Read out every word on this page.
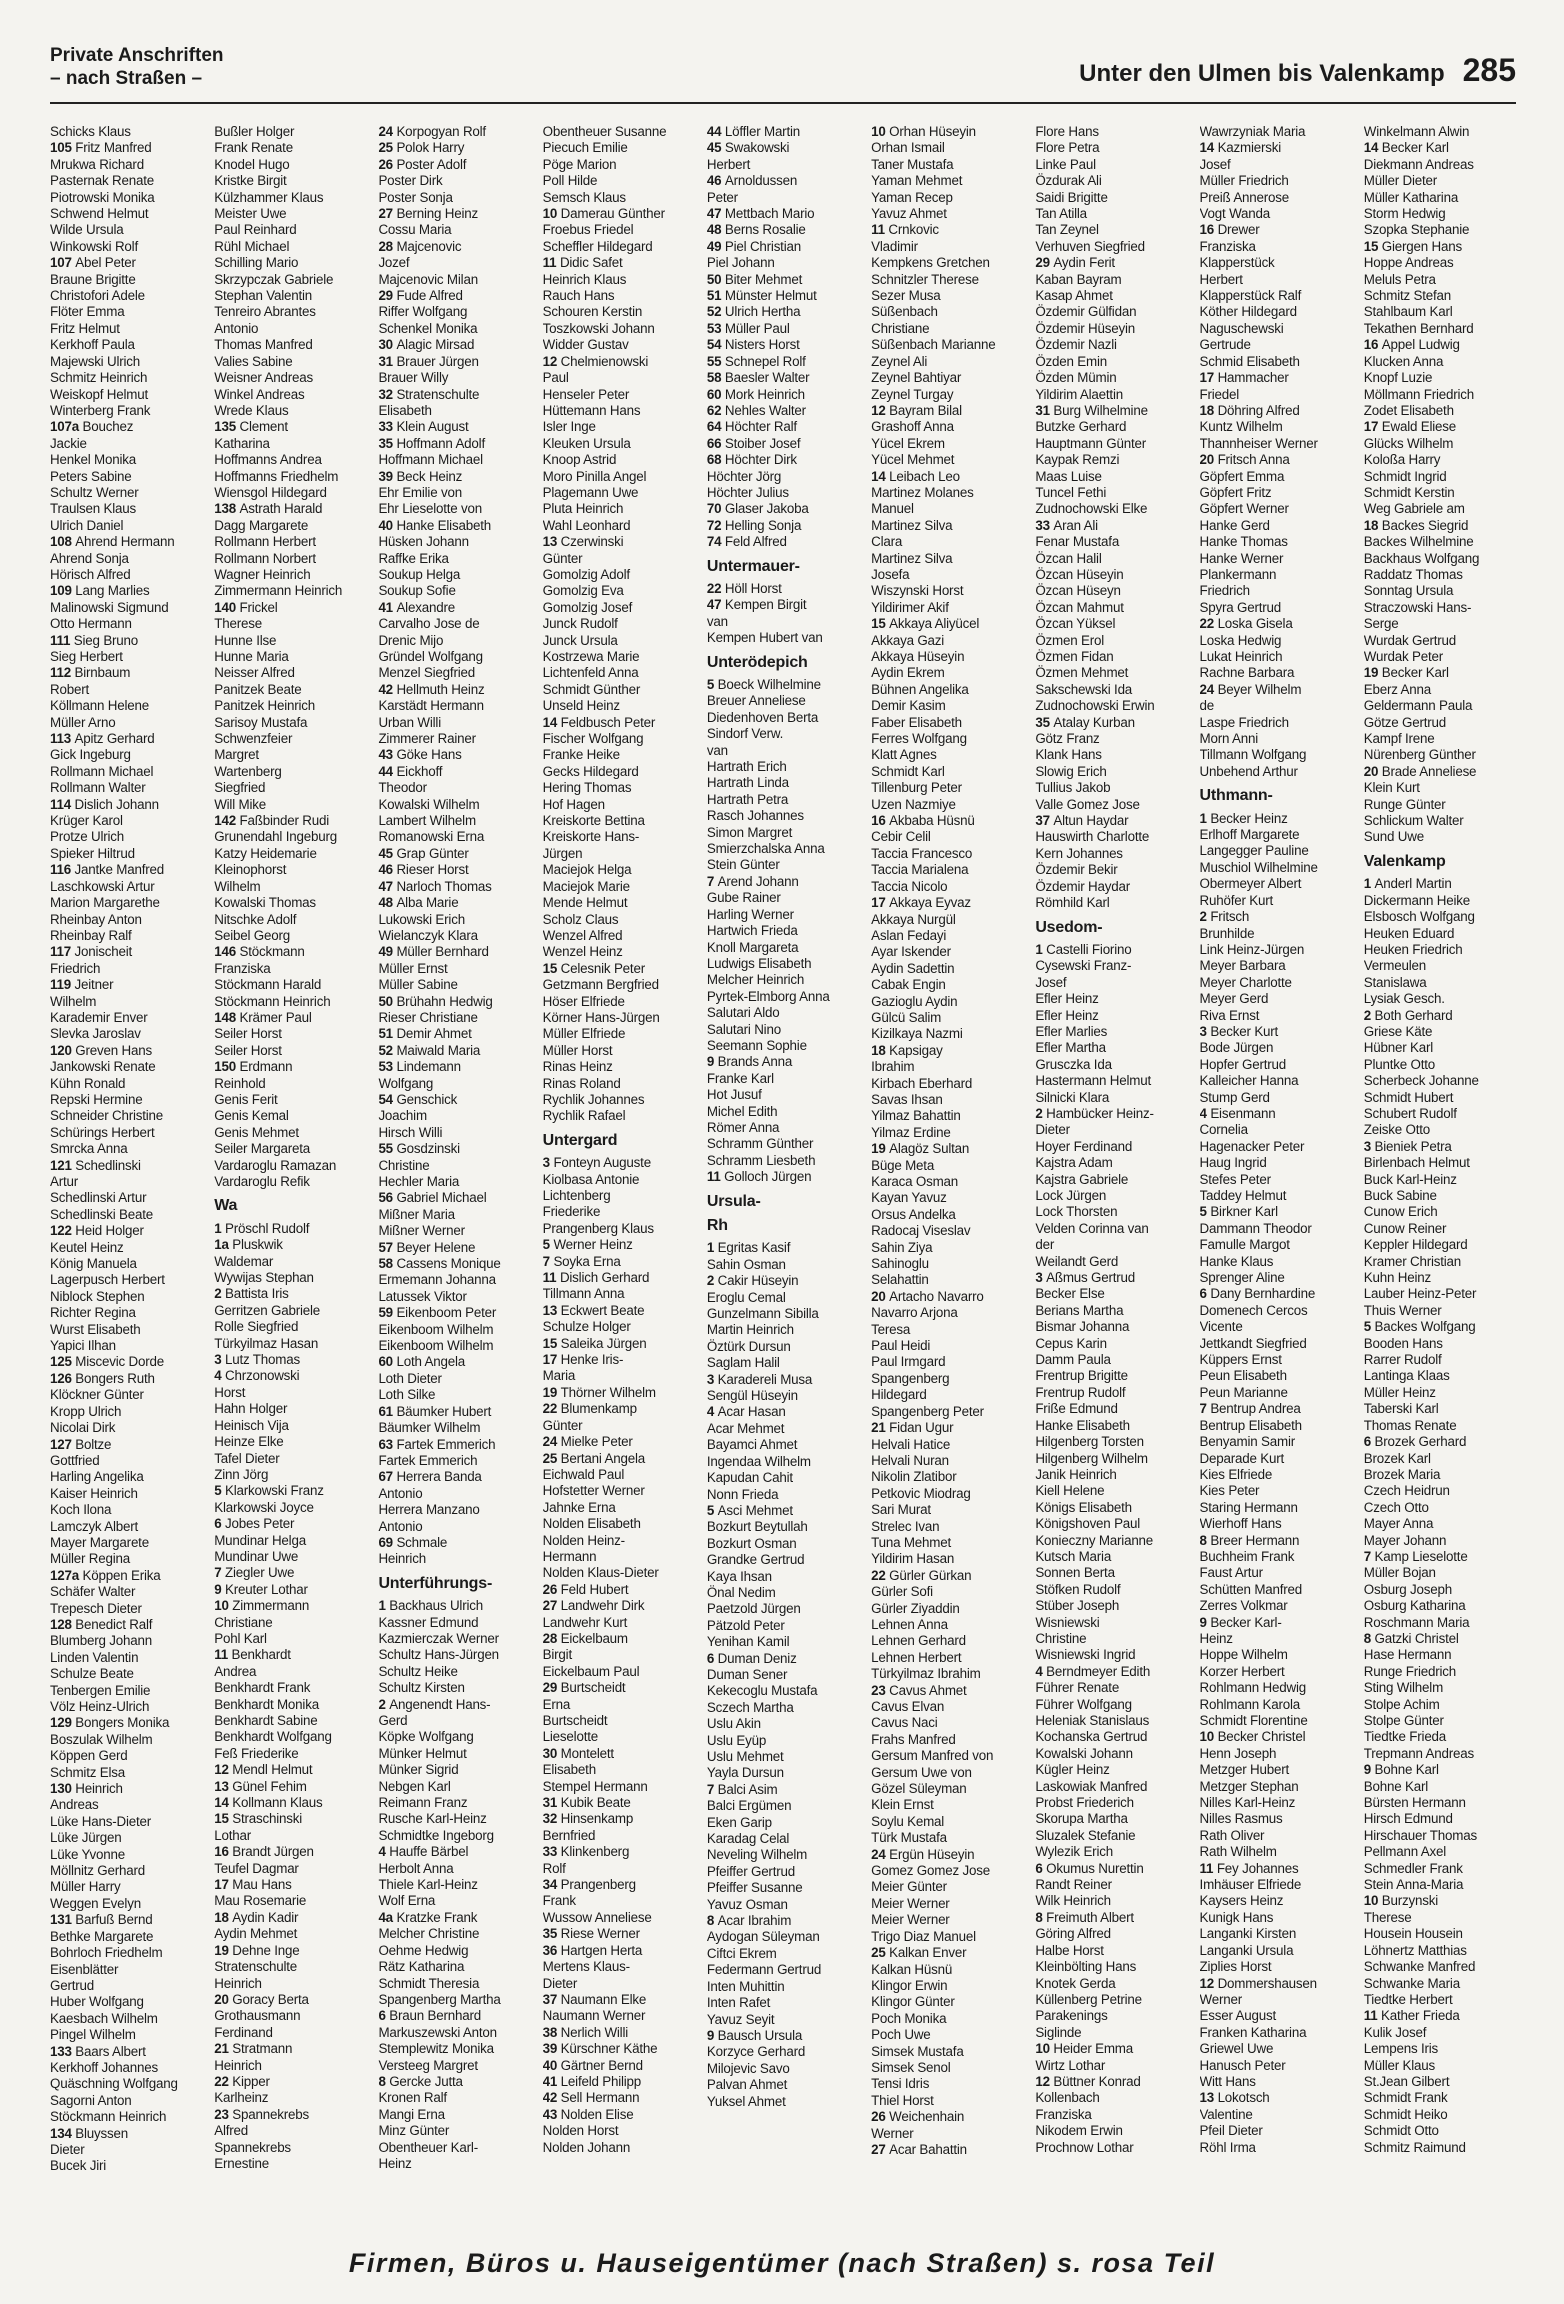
Private Anschriften
– nach Straßen –	Unter den Ulmen bis Valenkamp 285
Schicks Klaus
105 Fritz Manfred
Mrukwa Richard
Pasternak Renate
Piotrowski Monika
Schwend Helmut
Wilde Ursula
Winkowski Rolf
107 Abel Peter
Braune Brigitte
Christofori Adele
Flöter Emma
Fritz Helmut
Kerkhoff Paula
Majewski Ulrich
Schmitz Heinrich
Weiskopf Helmut
Winterberg Frank
107a Bouchez
Jackie
Henkel Monika
Peters Sabine
Schultz Werner
Traulsen Klaus
Ulrich Daniel
108 Ahrend Hermann
Ahrend Sonja
Hörisch Alfred
109 Lang Marlies
Malinowski Sigmund
Otto Hermann
111 Sieg Bruno
Sieg Herbert
112 Birnbaum
Robert
Köllmann Helene
Müller Arno
113 Apitz Gerhard
Gick Ingeburg
Rollmann Michael
Rollmann Walter
114 Dislich Johann
Krüger Karol
Protze Ulrich
Spieker Hiltrud
116 Jantke Manfred
Laschkowski Artur
Marion Margarethe
Rheinbay Anton
Rheinbay Ralf
117 Jonischeit
Friedrich
119 Jeitner
Wilhelm
Karademir Enver
Slevka Jaroslav
120 Greven Hans
Jankowski Renate
Kühn Ronald
Repski Hermine
Schneider Christine
Schürings Herbert
Smrcka Anna
121 Schedlinski
Artur
Schedlinski Artur
Schedlinski Beate
122 Heid Holger
Keutel Heinz
König Manuela
Lagerpusch Herbert
Niblock Stephen
Richter Regina
Wurst Elisabeth
Yapici Ilhan
125 Miscevic Dorde
126 Bongers Ruth
Klöckner Günter
Kropp Ulrich
Nicolai Dirk
127 Boltze
Gottfried
Harling Angelika
Kaiser Heinrich
Koch Ilona
Lamczyk Albert
Mayer Margarete
Müller Regina
127a Köppen Erika
Schäfer Walter
Trepesch Dieter
128 Benedict Ralf
Blumberg Johann
Linden Valentin
Schulze Beate
Tenbergen Emilie
Völz Heinz-Ulrich
129 Bongers Monika
Boszulak Wilhelm
Köppen Gerd
Schmitz Elsa
130 Heinrich
Andreas
Lüke Hans-Dieter
Lüke Jürgen
Lüke Yvonne
Möllnitz Gerhard
Müller Harry
Weggen Evelyn
131 Barfuß Bernd
Bethke Margarete
Bohrloch Friedhelm
Eisenblätter
Gertrud
Huber Wolfgang
Kaesbach Wilhelm
Pingel Wilhelm
133 Baars Albert
Kerkhoff Johannes
Quäschning Wolfgang
Sagorni Anton
Stöckmann Heinrich
134 Bluyssen
Dieter
Bucek Jiri
Bußler Holger
Frank Renate
Knodel Hugo
Kristke Birgit
Külzhammer Klaus
Meister Uwe
Paul Reinhard
Rühl Michael
Schilling Mario
Skrzypczak Gabriele
Stephan Valentin
Tenreiro Abrantes
Antonio
Thomas Manfred
Valies Sabine
Weisner Andreas
Winkel Andreas
Wrede Klaus
135 Clement
Katharina
Hoffmanns Andrea
Hoffmanns Friedhelm
Wiensgol Hildegard
138 Astrath Harald
Dagg Margarete
Rollmann Herbert
Rollmann Norbert
Wagner Heinrich
Zimmermann Heinrich
140 Frickel
Therese
Hunne Ilse
Hunne Maria
Neisser Alfred
Panitzek Beate
Panitzek Heinrich
Sarisoy Mustafa
Schwenzfeier
Margret
Wartenberg
Siegfried
Will Mike
142 Faßbinder Rudi
Grunendahl Ingeburg
Katzy Heidemarie
Kleinophorst
Wilhelm
Kowalski Thomas
Nitschke Adolf
Seibel Georg
146 Stöckmann
Franziska
Stöckmann Harald
Stöckmann Heinrich
148 Krämer Paul
Seiler Horst
Seiler Horst
150 Erdmann
Reinhold
Genis Ferit
Genis Kemal
Genis Mehmet
Seiler Margareta
Vardaroglu Ramazan
Vardaroglu Refik
Wa
1 Pröschl Rudolf
1a Pluskwik
Waldemar
Wywijas Stephan
2 Battista Iris
Gerritzen Gabriele
Rolle Siegfried
Türkyilmaz Hasan
3 Lutz Thomas
4 Chrzonowski
Horst
Hahn Holger
Heinisch Vija
Heinze Elke
Tafel Dieter
Zinn Jörg
5 Klarkowski Franz
Klarkowski Joyce
6 Jobes Peter
Mundinar Helga
Mundinar Uwe
7 Ziegler Uwe
9 Kreuter Lothar
10 Zimmermann
Christiane
Pohl Karl
11 Benkhardt
Andrea
Benkhardt Frank
Benkhardt Monika
Benkhardt Sabine
Benkhardt Wolfgang
Feß Friederike
12 Mendl Helmut
13 Günel Fehim
14 Kollmann Klaus
15 Straschinski
Lothar
16 Brandt Jürgen
Teufel Dagmar
17 Mau Hans
Mau Rosemarie
18 Aydin Kadir
Aydin Mehmet
19 Dehne Inge
Stratenschulte
Heinrich
20 Goracy Berta
Grothausmann
Ferdinand
21 Stratmann
Heinrich
22 Kipper
Karlheinz
23 Spannekrebs
Alfred
Spannekrebs
Ernestine
24 Korpogyan Rolf
25 Polok Harry
26 Poster Adolf
Poster Dirk
Poster Sonja
27 Berning Heinz
Cossu Maria
28 Majcenovic
Jozef
Majcenovic Milan
29 Fude Alfred
Riffer Wolfgang
Schenkel Monika
30 Alagic Mirsad
31 Brauer Jürgen
Brauer Willy
32 Stratenschulte
Elisabeth
33 Klein August
35 Hoffmann Adolf
Hoffmann Michael
39 Beck Heinz
Ehr Emilie von
Ehr Lieselotte von
40 Hanke Elisabeth
Hüsken Johann
Raffke Erika
Soukup Helga
Soukup Sofie
41 Alexandre
Carvalho Jose de
Drenic Mijo
Gründel Wolfgang
Menzel Siegfried
42 Hellmuth Heinz
Karstädt Hermann
Urban Willi
Zimmerer Rainer
43 Göke Hans
44 Eickhoff
Theodor
Kowalski Wilhelm
Lambert Wilhelm
Romanowski Erna
45 Grap Günter
46 Rieser Horst
47 Narloch Thomas
48 Alba Marie
Lukowski Erich
Wielanczyk Klara
49 Müller Bernhard
Müller Ernst
Müller Sabine
50 Brühahn Hedwig
Rieser Christiane
51 Demir Ahmet
52 Maiwald Maria
53 Lindemann
Wolfgang
54 Genschick
Joachim
Hirsch Willi
55 Gosdzinski
Christine
Hechler Maria
56 Gabriel Michael
Mißner Maria
Mißner Werner
57 Beyer Helene
58 Cassens Monique
Ermemann Johanna
Latussek Viktor
59 Eikenboom Peter
Eikenboom Wilhelm
Eikenboom Wilhelm
60 Loth Angela
Loth Dieter
Loth Silke
61 Bäumker Hubert
Bäumker Wilhelm
63 Fartek Emmerich
Fartek Emmerich
67 Herrera Banda
Antonio
Herrera Manzano
Antonio
69 Schmale
Heinrich
Unterführungs-
1 Backhaus Ulrich
Kassner Edmund
Kazmierczak Werner
Schultz Hans-Jürgen
Schultz Heike
Schultz Kirsten
2 Angenendt Hans-
Gerd
Köpke Wolfgang
Münker Helmut
Münker Sigrid
Nebgen Karl
Reimann Franz
Rusche Karl-Heinz
Schmidtke Ingeborg
4 Hauffe Bärbel
Herbolt Anna
Thiele Karl-Heinz
Wolf Erna
4a Kratzke Frank
Melcher Christine
Oehme Hedwig
Rätz Katharina
Schmidt Theresia
Spangenberg Martha
6 Braun Bernhard
Markuszewski Anton
Stemplewitz Monika
Versteeg Margret
8 Gercke Jutta
Kronen Ralf
Mangi Erna
Minz Günter
Obentheuer Karl-
Heinz
Obentheuer Susanne
Piecuch Emilie
Pöge Marion
Poll Hilde
Semsch Klaus
10 Damerau Günther
Froebus Friedel
Scheffler Hildegard
11 Didic Safet
Heinrich Klaus
Rauch Hans
Schouren Kerstin
Toszkowski Johann
Widder Gustav
12 Chelmienowski
Paul
Henseler Peter
Hüttemann Hans
Isler Inge
Kleuken Ursula
Knoop Astrid
Moro Pinilla Angel
Plagemann Uwe
Pluta Heinrich
Wahl Leonhard
13 Czerwinski
Günter
Gomolzig Adolf
Gomolzig Eva
Gomolzig Josef
Junck Rudolf
Junck Ursula
Kostrzewa Marie
Lichtenfeld Anna
Schmidt Günther
Unseld Heinz
14 Feldbusch Peter
Fischer Wolfgang
Franke Heike
Gecks Hildegard
Hering Thomas
Hof Hagen
Kreiskorte Bettina
Kreiskorte Hans-
Jürgen
Maciejok Helga
Maciejok Marie
Mende Helmut
Scholz Claus
Wenzel Alfred
Wenzel Heinz
15 Celesnik Peter
Getzmann Bergfried
Höser Elfriede
Körner Hans-Jürgen
Müller Elfriede
Müller Horst
Rinas Heinz
Rinas Roland
Rychlik Johannes
Rychlik Rafael
Untergard
3 Fonteyn Auguste
Kiolbasa Antonie
Lichtenberg
Friederike
Prangenberg Klaus
5 Werner Heinz
7 Soyka Erna
11 Dislich Gerhard
Tillmann Anna
13 Eckwert Beate
Schulze Holger
15 Saleika Jürgen
17 Henke Iris-
Maria
19 Thörner Wilhelm
22 Blumenkamp
Günter
24 Mielke Peter
25 Bertani Angela
Eichwald Paul
Hofstetter Werner
Jahnke Erna
Nolden Elisabeth
Nolden Heinz-
Hermann
Nolden Klaus-Dieter
26 Feld Hubert
27 Landwehr Dirk
Landwehr Kurt
28 Eickelbaum
Birgit
Eickelbaum Paul
29 Burtscheidt
Erna
Burtscheidt
Lieselotte
30 Montelett
Elisabeth
Stempel Hermann
31 Kubik Beate
32 Hinsenkamp
Bernfried
33 Klinkenberg
Rolf
34 Prangenberg
Frank
Wussow Anneliese
35 Riese Werner
36 Hartgen Herta
Mertens Klaus-
Dieter
37 Naumann Elke
Naumann Werner
38 Nerlich Willi
39 Kürschner Käthe
40 Gärtner Bernd
41 Leifeld Philipp
42 Sell Hermann
43 Nolden Elise
Nolden Horst
Nolden Johann
44 Löffler Martin
45 Swakowski
Herbert
46 Arnoldussen
Peter
47 Mettbach Mario
48 Berns Rosalie
49 Piel Christian
Piel Johann
50 Biter Mehmet
51 Münster Helmut
52 Ulrich Hertha
53 Müller Paul
54 Nisters Horst
55 Schnepel Rolf
58 Baesler Walter
60 Mork Heinrich
62 Nehles Walter
64 Höchter Ralf
66 Stoiber Josef
68 Höchter Dirk
Höchter Jörg
Höchter Julius
70 Glaser Jakoba
72 Helling Sonja
74 Feld Alfred
Untermauer-
22 Höll Horst
47 Kempen Birgit
van
Kempen Hubert van
Unterödерich
5 Boeck Wilhelmine
Breuer Anneliese
Diedenhoven Berta
Sindorf Verw.
van
Hartrath Erich
Hartrath Linda
Hartrath Petra
Rasch Johannes
Simon Margret
Smierzchalska Anna
Stein Günter
7 Arend Johann
Gube Rainer
Harling Werner
Hartwich Frieda
Knoll Margareta
Ludwigs Elisabeth
Melcher Heinrich
Pyrtek-Elmborg Anna
Salutari Aldo
Salutari Nino
Seemann Sophie
9 Brands Anna
Franke Karl
Hot Jusuf
Michel Edith
Römer Anna
Schramm Günther
Schramm Liesbeth
11 Golloch Jürgen
Ursula-
Rh
1 Egritas Kasif
Sahin Osman
2 Cakir Hüseyin
Eroglu Cemal
Gunzelmann Sibilla
Martin Heinrich
Öztürk Dursun
Saglam Halil
3 Karadereli Musa
Sengül Hüseyin
4 Acar Hasan
Acar Mehmet
Bayamci Ahmet
Ingendaa Wilhelm
Kapudan Cahit
Nonn Frieda
5 Asci Mehmet
Bozkurt Beytullah
Bozkurt Osman
Grandke Gertrud
Kaya Ihsan
Önal Nedim
Paetzold Jürgen
Pätzold Peter
Yenihan Kamil
6 Duman Deniz
Duman Sener
Kekecoglu Mustafa
Sczech Martha
Uslu Akin
Uslu Eyüp
Uslu Mehmet
Yayla Dursun
7 Balci Asim
Balci Ergümen
Eken Garip
Karadag Celal
Neveling Wilhelm
Pfeiffer Gertrud
Pfeiffer Susanne
Yavuz Osman
8 Acar Ibrahim
Aydogan Süleyman
Ciftci Ekrem
Federmann Gertrud
Inten Muhittin
Inten Rafet
Yavuz Seyit
9 Bausch Ursula
Korzyce Gerhard
Milojevic Savo
Palvan Ahmet
Yuksel Ahmet
10 Orhan Hüseyin
Orhan Ismail
Taner Mustafa
Yaman Mehmet
Yaman Recep
Yavuz Ahmet
11 Crnkovic
Vladimir
Kempkens Gretchen
Schnitzler Therese
Sezer Musa
Süßenbach
Christiane
Süßenbach Marianne
Zeynel Ali
Zeynel Bahtiyar
Zeynel Turgay
12 Bayram Bilal
Grashoff Anna
Yücel Ekrem
Yücel Mehmet
14 Leibach Leo
Martinez Molanes
Manuel
Martinez Silva
Clara
Martinez Silva
Josefa
Wiszynski Horst
Yildirimer Akif
15 Akkaya Aliyücel
Akkaya Gazi
Akkaya Hüseyin
Aydin Ekrem
Bühnen Angelika
Demir Kasim
Faber Elisabeth
Ferres Wolfgang
Klatt Agnes
Schmidt Karl
Tillenburg Peter
Uzen Nazmiye
16 Akbaba Hüsnü
Cebir Celil
Taccia Francesco
Taccia Marialena
Taccia Nicolo
17 Akkaya Eyvaz
Akkaya Nurgül
Aslan Fedayi
Ayar Iskender
Aydin Sadettin
Cabak Engin
Gazioglu Aydin
Gülcü Salim
Kizilkaya Nazmi
18 Kapsigay
Ibrahim
Kirbach Eberhard
Savas Ihsan
Yilmaz Bahattin
Yilmaz Erdine
19 Alagöz Sultan
Büge Meta
Karaca Osman
Kayan Yavuz
Orsus Andelka
Radocaj Viseslav
Sahin Ziya
Sahinoglu
Selahattin
20 Artacho Navarro
Navarro Arjona
Teresa
Paul Heidi
Paul Irmgard
Spangenberg
Hildegard
Spangenberg Peter
21 Fidan Ugur
Helvali Hatice
Helvali Nuran
Nikolin Zlatibor
Petkovic Miodrag
Sari Murat
Strelec Ivan
Tuna Mehmet
Yildirim Hasan
22 Gürler Gürkan
Gürler Sofi
Gürler Ziyaddin
Lehnen Anna
Lehnen Gerhard
Lehnen Herbert
Türkyilmaz Ibrahim
23 Cavus Ahmet
Cavus Elvan
Cavus Naci
Frahs Manfred
Gersum Manfred von
Gersum Uwe von
Gözel Süleyman
Klein Ernst
Soylu Kemal
Türk Mustafa
24 Ergün Hüseyin
Gomez Gomez Jose
Meier Günter
Meier Werner
Meier Werner
Trigo Diaz Manuel
25 Kalkan Enver
Kalkan Hüsnü
Klingor Erwin
Klingor Günter
Poch Monika
Poch Uwe
Simsek Mustafa
Simsek Senol
Tensi Idris
Thiel Horst
26 Weichenhain
Werner
27 Acar Bahattin
Flore Hans
Flore Petra
Linke Paul
Özdurak Ali
Saidi Brigitte
Tan Atilla
Tan Zeynel
Verhuven Siegfried
29 Aydin Ferit
Kaban Bayram
Kasap Ahmet
Özdemir Gülfidan
Özdemir Hüseyin
Özdemir Nazli
Özden Emin
Özden Mümin
Yildirim Alaettin
31 Burg Wilhelmine
Butzke Gerhard
Hauptmann Günter
Kaypak Remzi
Maas Luise
Tuncel Fethi
Zudnochowski Elke
33 Aran Ali
Fenar Mustafa
Özcan Halil
Özcan Hüseyin
Özcan Hüseyn
Özcan Mahmut
Özcan Yüksel
Özmen Erol
Özmen Fidan
Özmen Mehmet
Sakschewski Ida
Zudnochowski Erwin
35 Atalay Kurban
Götz Franz
Klank Hans
Slowig Erich
Tullius Jakob
Valle Gomez Jose
37 Altun Haydar
Hauswirth Charlotte
Kern Johannes
Özdemir Bekir
Özdemir Haydar
Römhild Karl
Usedom-
1 Castelli Fiorino
Cysewski Franz-
Josef
Efler Heinz
Efler Heinz
Efler Marlies
Efler Martha
Grusczka Ida
Hastermann Helmut
Silnicki Klara
2 Hambücker Heinz-
Dieter
Hoyer Ferdinand
Kajstra Adam
Kajstra Gabriele
Lock Jürgen
Lock Thorsten
Velden Corinna van
der
Weilandt Gerd
3 Aßmus Gertrud
Becker Else
Berians Martha
Bismar Johanna
Cepus Karin
Damm Paula
Frentrup Brigitte
Frentrup Rudolf
Friße Edmund
Hanke Elisabeth
Hilgenberg Torsten
Hilgenberg Wilhelm
Janik Heinrich
Kiell Helene
Königs Elisabeth
Königshoven Paul
Konieczny Marianne
Kutsch Maria
Sonnen Berta
Stöfken Rudolf
Stüber Joseph
Wisniewski
Christine
Wisniewski Ingrid
4 Berndmeyer Edith
Führer Renate
Führer Wolfgang
Heleniak Stanislaus
Kochanska Gertrud
Kowalski Johann
Kügler Heinz
Laskowiak Manfred
Probst Friederich
Skorupa Martha
Sluzalek Stefanie
Wylezik Erich
6 Okumus Nurettin
Randt Reiner
Wilk Heinrich
8 Freimuth Albert
Göring Alfred
Halbe Horst
Kleinbölting Hans
Knotek Gerda
Küllenberg Petrine
Parakenings
Siglinde
10 Heider Emma
Wirtz Lothar
12 Büttner Konrad
Kollenbach
Franziska
Nikodem Erwin
Prochnow Lothar
Wawrzyniak Maria
14 Kazmierski
Josef
Müller Friedrich
Preiß Annerose
Vogt Wanda
16 Drewer
Franziska
Klapperstück
Herbert
Klapperstück Ralf
Köther Hildegard
Naguschewski
Gertrude
Schmid Elisabeth
17 Hammacher
Friedel
18 Döhring Alfred
Kuntz Wilhelm
Thannheiser Werner
20 Fritsch Anna
Göpfert Emma
Göpfert Fritz
Göpfert Werner
Hanke Gerd
Hanke Thomas
Hanke Werner
Plankermann
Friedrich
Spyra Gertrud
22 Loska Gisela
Loska Hedwig
Lukat Heinrich
Rachne Barbara
24 Beyer Wilhelm
de
Laspe Friedrich
Morn Anni
Tillmann Wolfgang
Unbehend Arthur
Uthmann-
1 Becker Heinz
Erlhoff Margarete
Langegger Pauline
Muschiol Wilhelmine
Obermeyer Albert
Ruhöfer Kurt
2 Fritsch
Brunhilde
Link Heinz-Jürgen
Meyer Barbara
Meyer Charlotte
Meyer Gerd
Riva Ernst
3 Becker Kurt
Bode Jürgen
Hopfer Gertrud
Kalleicher Hanna
Stump Gerd
4 Eisenmann
Cornelia
Hagenacker Peter
Haug Ingrid
Stefes Peter
Taddey Helmut
5 Birkner Karl
Dammann Theodor
Famulle Margot
Hanke Klaus
Sprenger Aline
6 Dany Bernhardine
Domenech Cercos
Vicente
Jettkandt Siegfried
Küppers Ernst
Peun Elisabeth
Peun Marianne
7 Bentrup Andrea
Bentrup Elisabeth
Benyamin Samir
Deparade Kurt
Kies Elfriede
Kies Peter
Staring Hermann
Wierhoff Hans
8 Breer Hermann
Buchheim Frank
Faust Artur
Schütten Manfred
Zerres Volkmar
9 Becker Karl-
Heinz
Hoppe Wilhelm
Korzer Herbert
Rohlmann Hedwig
Rohlmann Karola
Schmidt Florentine
10 Becker Christel
Henn Joseph
Metzger Hubert
Metzger Stephan
Nilles Karl-Heinz
Nilles Rasmus
Rath Oliver
Rath Wilhelm
11 Fey Johannes
Imhäuser Elfriede
Kaysers Heinz
Kunigk Hans
Langanki Kirsten
Langanki Ursula
Ziplies Horst
12 Dommershausen
Werner
Esser August
Franken Katharina
Griewel Uwe
Hanusch Peter
Witt Hans
13 Lokotsch
Valentine
Pfeil Dieter
Röhl Irma
Winkelmann Alwin
14 Becker Karl
Diekmann Andreas
Müller Dieter
Müller Katharina
Storm Hedwig
Szopka Stephanie
15 Giergen Hans
Hoppe Andreas
Meluls Petra
Schmitz Stefan
Stahlbaum Karl
Tekathen Bernhard
16 Appel Ludwig
Klucken Anna
Knopf Luzie
Möllmann Friedrich
Zodet Elisabeth
17 Ewald Eliese
Glücks Wilhelm
Koloßa Harry
Schmidt Ingrid
Schmidt Kerstin
Weg Gabriele am
18 Backes Siegrid
Backes Wilhelmine
Backhaus Wolfgang
Raddatz Thomas
Sonntag Ursula
Straczowski Hans-
Serge
Wurdak Gertrud
Wurdak Peter
19 Becker Karl
Eberz Anna
Geldermann Paula
Götze Gertrud
Kampf Irene
Nürenberg Günther
20 Brade Anneliese
Klein Kurt
Runge Günter
Schlickum Walter
Sund Uwe
Valenkamp
1 Anderl Martin
Dickermann Heike
Elsbosch Wolfgang
Heuken Eduard
Heuken Friedrich
Vermeulen
Stanislawa
Lysiak Gesch.
2 Both Gerhard
Griese Käte
Hübner Karl
Pluntke Otto
Scherbeck Johanne
Schmidt Hubert
Schubert Rudolf
Zeiske Otto
3 Bieniek Petra
Birlenbach Helmut
Buck Karl-Heinz
Buck Sabine
Cunow Erich
Cunow Reiner
Keppler Hildegard
Kramer Christian
Kuhn Heinz
Lauber Heinz-Peter
Thuis Werner
5 Backes Wolfgang
Booden Hans
Rarrer Rudolf
Lantinga Klaas
Müller Heinz
Taberski Karl
Thomas Renate
6 Brozek Gerhard
Brozek Karl
Brozek Maria
Czech Heidrun
Czech Otto
Mayer Anna
Mayer Johann
7 Kamp Lieselotte
Müller Bojan
Osburg Joseph
Osburg Katharina
Roschmann Maria
8 Gatzki Christel
Hase Hermann
Runge Friedrich
Sting Wilhelm
Stolpe Achim
Stolpe Günter
Tiedtke Frieda
Trepmann Andreas
9 Bohne Karl
Bohne Karl
Bürsten Hermann
Hirsch Edmund
Hirschauer Thomas
Pellmann Axel
Schmedler Frank
Stein Anna-Maria
10 Burzynski
Therese
Housein Housein
Löhnertz Matthias
Schwanke Manfred
Schwanke Maria
Tiedtke Herbert
11 Kather Frieda
Kulik Josef
Lempens Iris
Müller Klaus
St.Jean Gilbert
Schmidt Frank
Schmidt Heiko
Schmidt Otto
Schmitz Raimund
Firmen, Büros u. Hauseigentümer (nach Straßen) s. rosa Teil
